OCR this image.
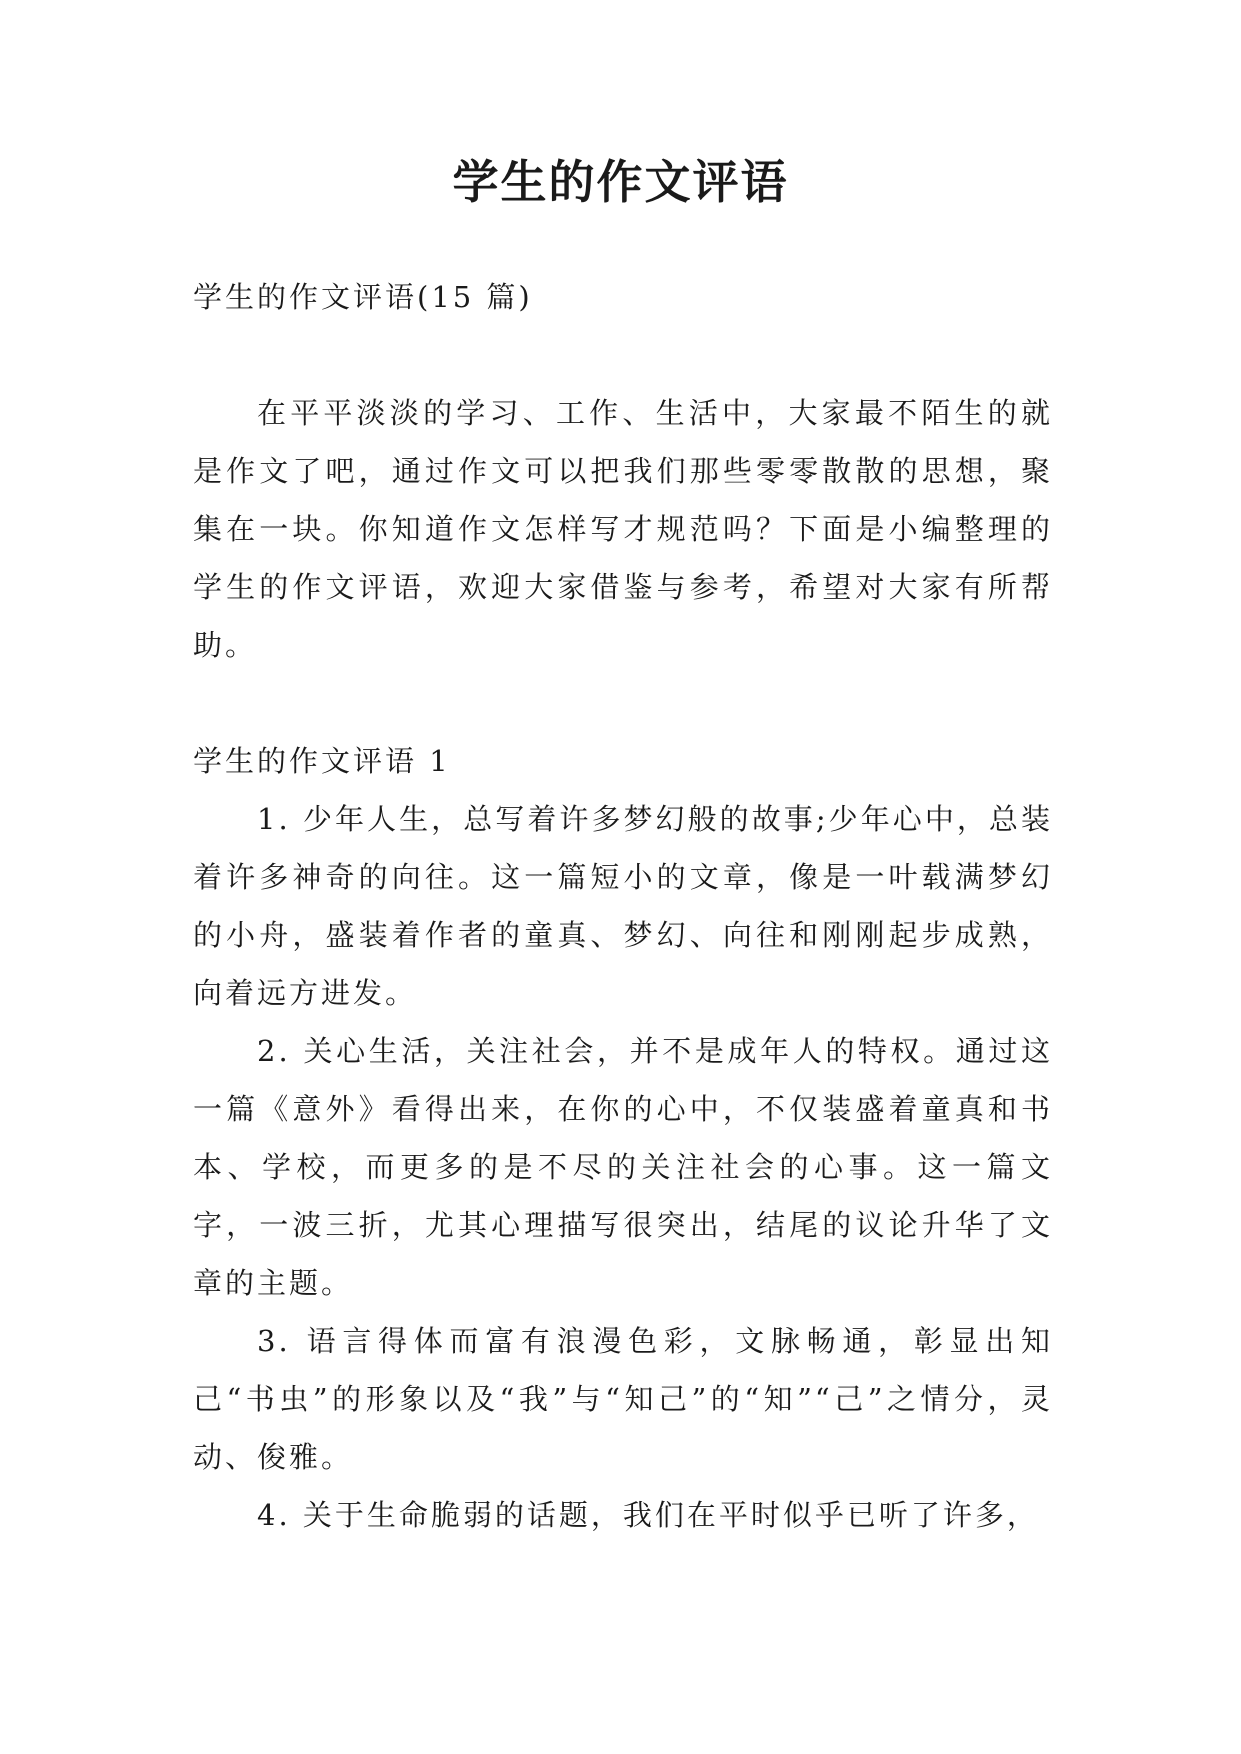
学生的作文评语

学生的作文评语(15 篇)

在平平淡淡的学习、工作、生活中，大家最不陌生的就是作文了吧，通过作文可以把我们那些零零散散的思想，聚集在一块。你知道作文怎样写才规范吗？下面是小编整理的学生的作文评语，欢迎大家借鉴与参考，希望对大家有所帮助。

学生的作文评语 1

1. 少年人生，总写着许多梦幻般的故事;少年心中，总装着许多神奇的向往。这一篇短小的文章，像是一叶载满梦幻的小舟，盛装着作者的童真、梦幻、向往和刚刚起步成熟，向着远方进发。

2. 关心生活，关注社会，并不是成年人的特权。通过这一篇《意外》看得出来，在你的心中，不仅装盛着童真和书本、学校，而更多的是不尽的关注社会的心事。这一篇文字，一波三折，尤其心理描写很突出，结尾的议论升华了文章的主题。

3. 语言得体而富有浪漫色彩，文脉畅通，彰显出知己“书虫”的形象以及“我”与“知己”的“知”“己”之情分，灵动、俊雅。

4. 关于生命脆弱的话题，我们在平时似乎已听了许多，
